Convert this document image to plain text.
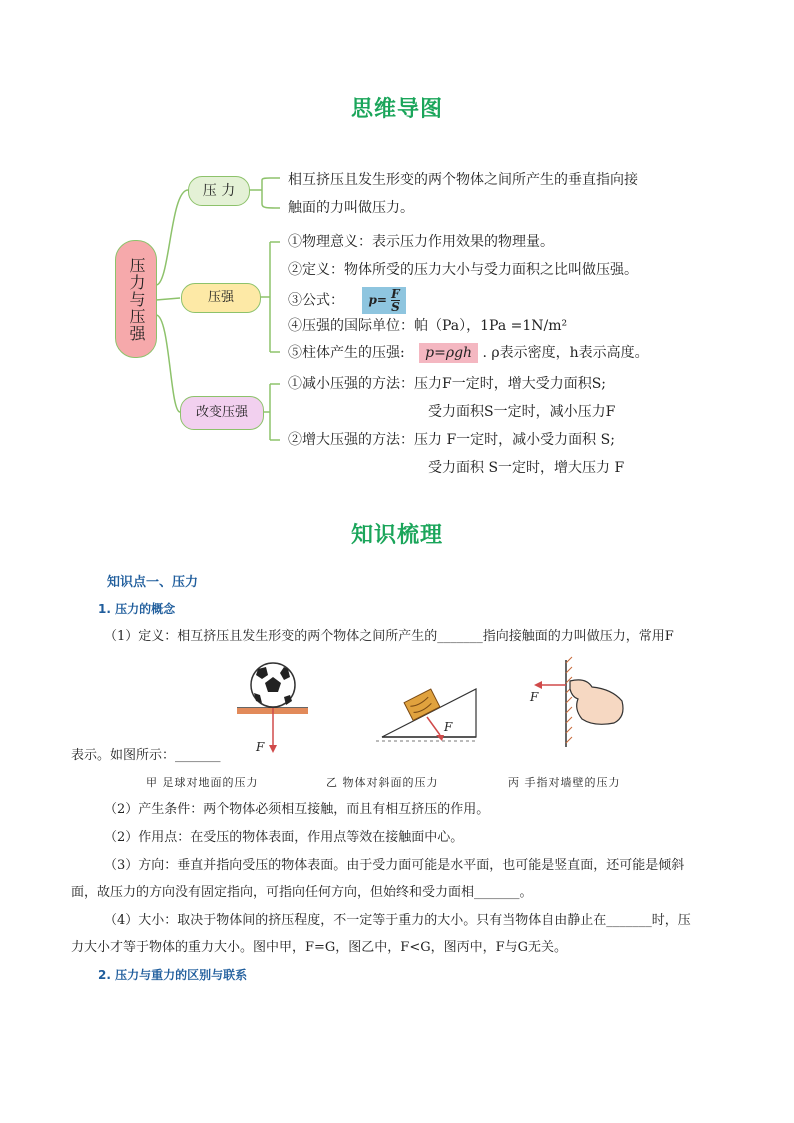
思维导图
压力与压强
压 力
压强
改变压强
相互挤压且发生形变的两个物体之间所产生的垂直指向接
触面的力叫做压力。
①物理意义：表示压力作用效果的物理量。
②定义：物体所受的压力大小与受力面积之比叫做压强。
③公式： $p= \frac{F}{S}$
④压强的国际单位：帕（Pa），1Pa =1N/m²
⑤柱体产生的压强: p=ρgh . ρ表示密度，h表示高度。
①减小压强的方法：压力F一定时，增大受力面积S;
受力面积S一定时，减小压力F
②增大压强的方法：压力 F一定时，减小受力面积 S;
受力面积 S一定时，增大压力 F
知识梳理
知识点一、压力
1. 压力的概念
（1）定义：相互挤压且发生形变的两个物体之间所产生的_______指向接触面的力叫做压力，常用F
F
F
F
表示。如图所示：_______
甲 足球对地面的压力	乙 物体对斜面的压力	丙 手指对墙壁的压力
（2）产生条件：两个物体必须相互接触，而且有相互挤压的作用。
（2）作用点：在受压的物体表面，作用点等效在接触面中心。
（3）方向：垂直并指向受压的物体表面。由于受力面可能是水平面，也可能是竖直面，还可能是倾斜
面，故压力的方向没有固定指向，可指向任何方向，但始终和受力面相_______。
（4）大小：取决于物体间的挤压程度，不一定等于重力的大小。只有当物体自由静止在_______时，压
力大小才等于物体的重力大小。图中甲，F=G，图乙中，F<G，图丙中，F与G无关。
2. 压力与重力的区别与联系
